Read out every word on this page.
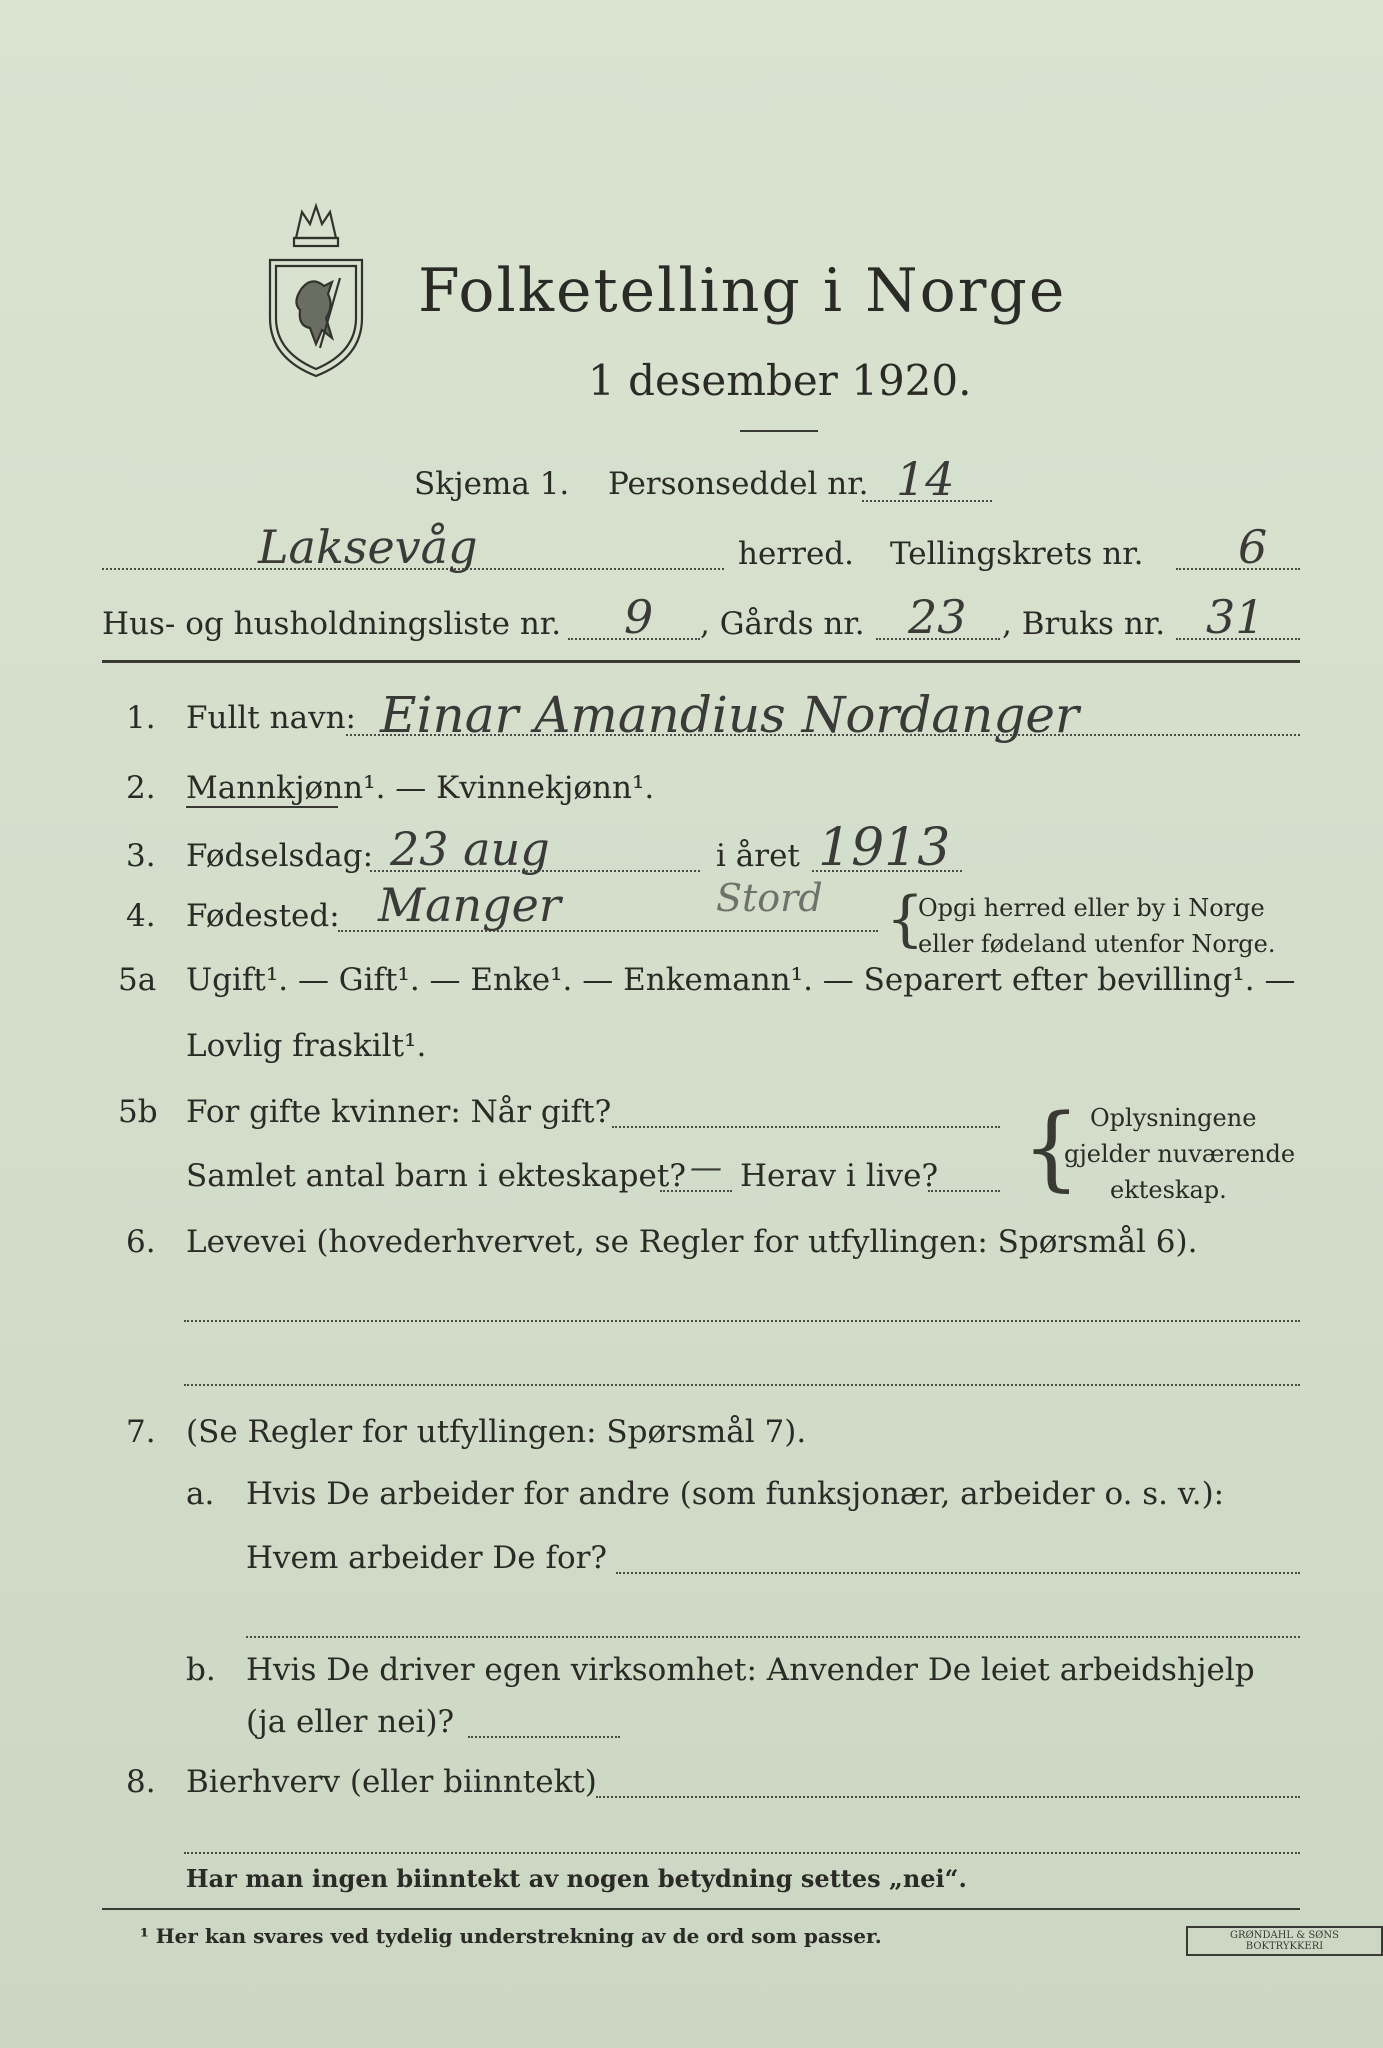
Folketelling i Norge
1 desember 1920.
Skjema 1. Personseddel nr. 14
Laksevåg	herred. Tellingskrets nr. 6
Hus- og husholdningsliste nr. 9 , Gårds nr. 23 , Bruks nr. 31
1. Fullt navn: Einar Amandius Nordanger
2. Mannkjønn¹. — Kvinnekjønn¹.
3. Fødselsdag: 23 aug	i året 1913
4. Fødested: Manger	Stord {
Opgi herred eller by i Norge
eller fødeland utenfor Norge.
5a Ugift¹. — Gift¹. — Enke¹. — Enkemann¹. — Separert efter bevilling¹. —
Lovlig fraskilt¹.
5b For gifte kvinner: Når gift?
Samlet antal barn i ekteskapet? — Herav i live? { Oplysningene
gjelder nuværende
ekteskap.
6. Levevei (hovederhvervet, se Regler for utfyllingen: Spørsmål 6).
7. (Se Regler for utfyllingen: Spørsmål 7).
a. Hvis De arbeider for andre (som funksjonær, arbeider o. s. v.):
Hvem arbeider De for?
b. Hvis De driver egen virksomhet: Anvender De leiet arbeidshjelp
(ja eller nei)?
8. Bierhverv (eller biinntekt)
Har man ingen biinntekt av nogen betydning settes „nei“.
¹ Her kan svares ved tydelig understrekning av de ord som passer.	GRØNDAHL & SØNS BOKTRYKKERI
